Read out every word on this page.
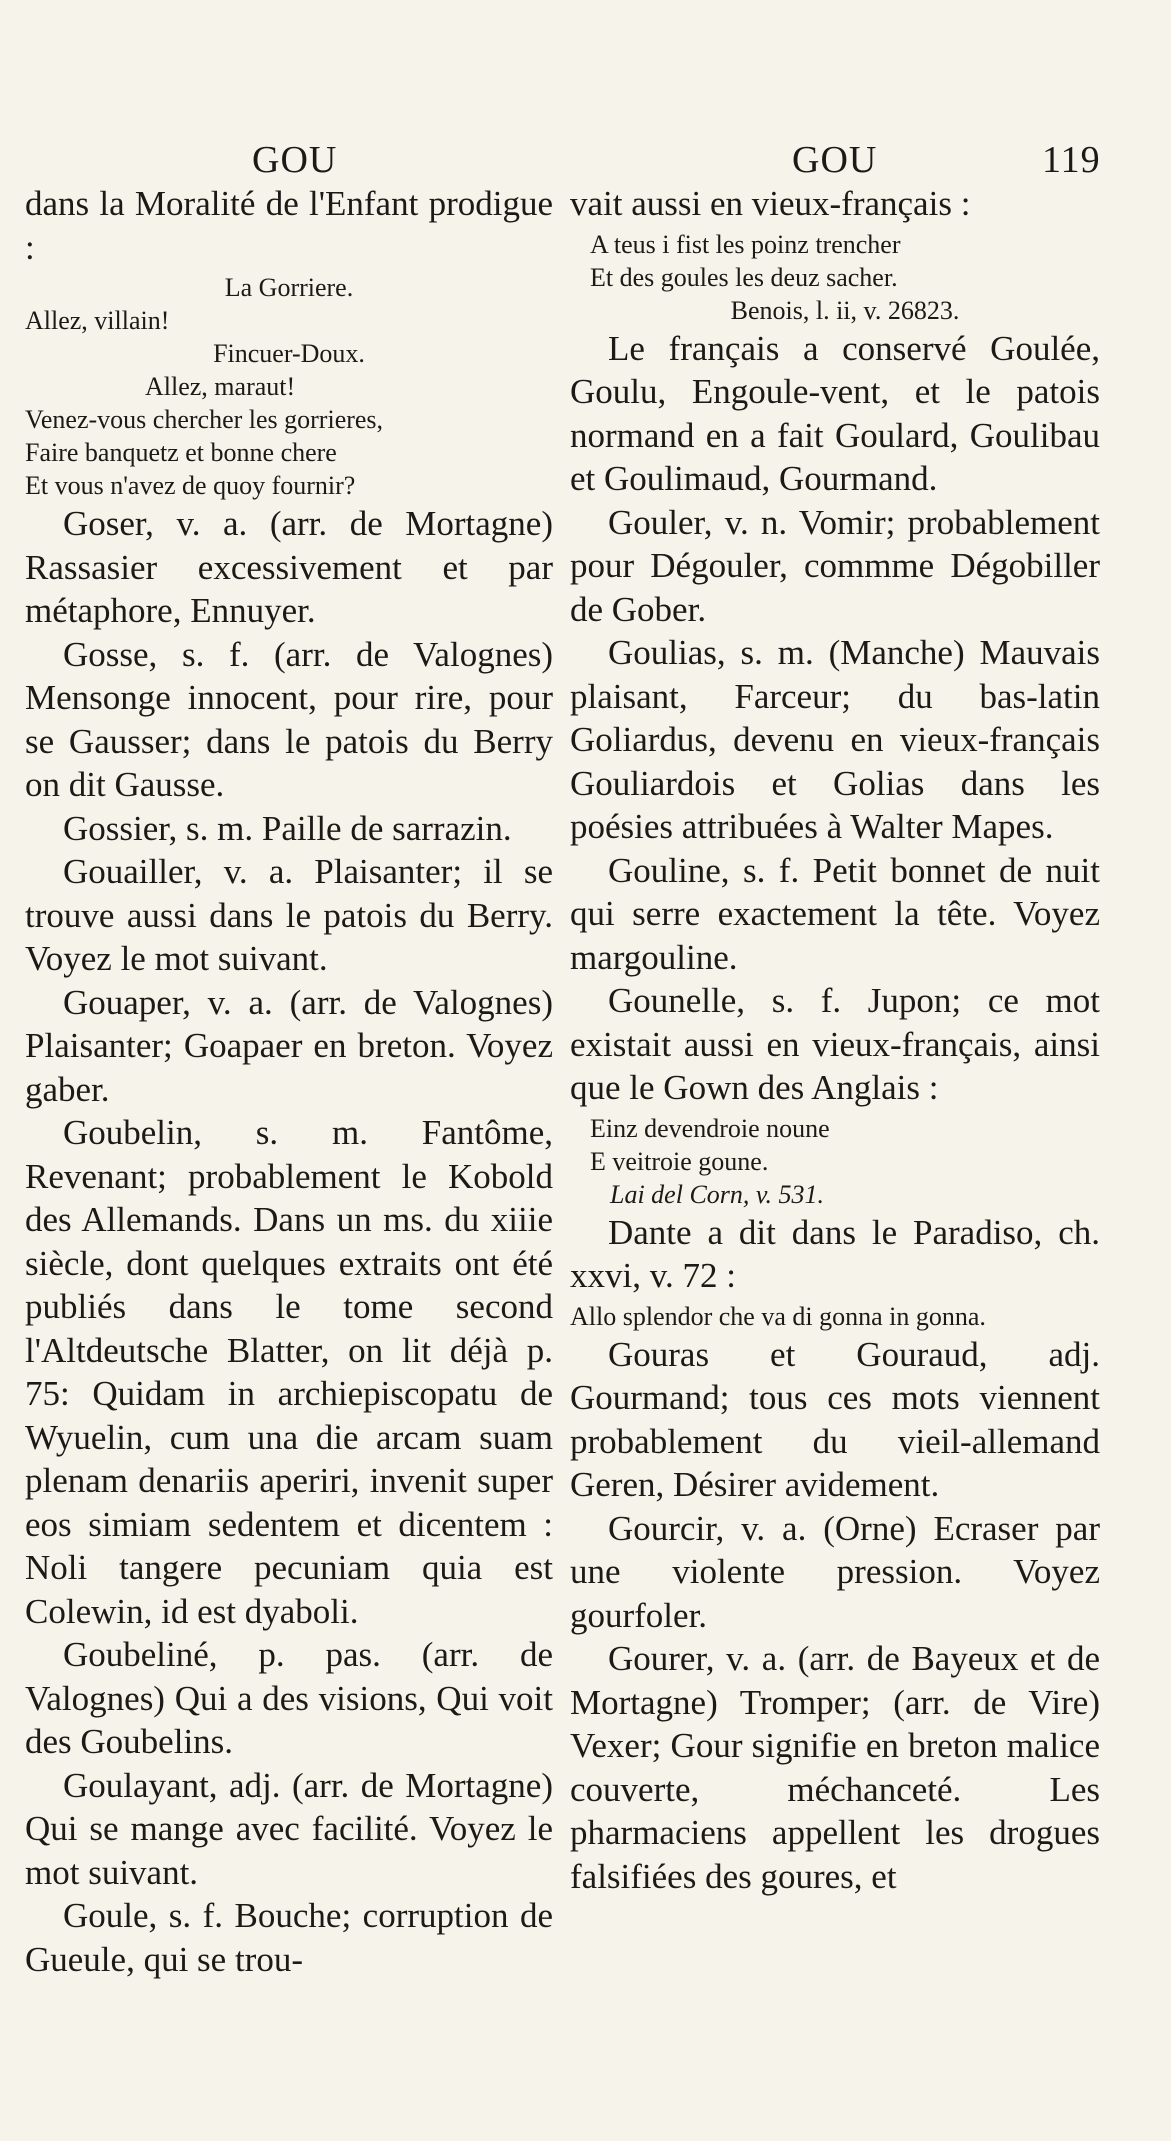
GOU	GOU	119

dans la Moralité de l'Enfant prodigue :

La Gorriere.
Allez, villain!
Fincuer-Doux.
Allez, maraut!
Venez-vous chercher les gorrieres,
Faire banquetz et bonne chere
Et vous n'avez de quoy fournir?

Goser, v. a. (arr. de Mortagne) Rassasier excessivement et par métaphore, Ennuyer.

Gosse, s. f. (arr. de Valognes) Mensonge innocent, pour rire, pour se Gausser; dans le patois du Berry on dit Gausse.

Gossier, s. m. Paille de sarrazin.

Gouailler, v. a. Plaisanter; il se trouve aussi dans le patois du Berry. Voyez le mot suivant.

Gouaper, v. a. (arr. de Valognes) Plaisanter; Goapaer en breton. Voyez gaber.

Goubelin, s. m. Fantôme, Revenant; probablement le Kobold des Allemands. Dans un ms. du xiiie siècle, dont quelques extraits ont été publiés dans le tome second l'Altdeutsche Blatter, on lit déjà p. 75: Quidam in archiepiscopatu de Wyuelin, cum una die arcam suam plenam denariis aperiri, invenit super eos simiam sedentem et dicentem : Noli tangere pecuniam quia est Colewin, id est dyaboli.

Goubeliné, p. pas. (arr. de Valognes) Qui a des visions, Qui voit des Goubelins.

Goulayant, adj. (arr. de Mortagne) Qui se mange avec facilité. Voyez le mot suivant.

Goule, s. f. Bouche; corruption de Gueule, qui se trou-

vait aussi en vieux-français :

A teus i fist les poinz trencher
Et des goules les deuz sacher.
Benois, l. ii, v. 26823.

Le français a conservé Goulée, Goulu, Engoule-vent, et le patois normand en a fait Goulard, Goulibau et Goulimaud, Gourmand.

Gouler, v. n. Vomir; probablement pour Dégouler, commme Dégobiller de Gober.

Goulias, s. m. (Manche) Mauvais plaisant, Farceur; du bas-latin Goliardus, devenu en vieux-français Gouliardois et Golias dans les poésies attribuées à Walter Mapes.

Gouline, s. f. Petit bonnet de nuit qui serre exactement la tête. Voyez margouline.

Gounelle, s. f. Jupon; ce mot existait aussi en vieux-français, ainsi que le Gown des Anglais :

Einz devendroie noune
E veitroie goune.
Lai del Corn, v. 531.

Dante a dit dans le Paradiso, ch. xxvi, v. 72 :

Allo splendor che va di gonna in gonna.

Gouras et Gouraud, adj. Gourmand; tous ces mots viennent probablement du vieil-allemand Geren, Désirer avidement.

Gourcir, v. a. (Orne) Ecraser par une violente pression. Voyez gourfoler.

Gourer, v. a. (arr. de Bayeux et de Mortagne) Tromper; (arr. de Vire) Vexer; Gour signifie en breton malice couverte, méchanceté. Les pharmaciens appellent les drogues falsifiées des goures, et
